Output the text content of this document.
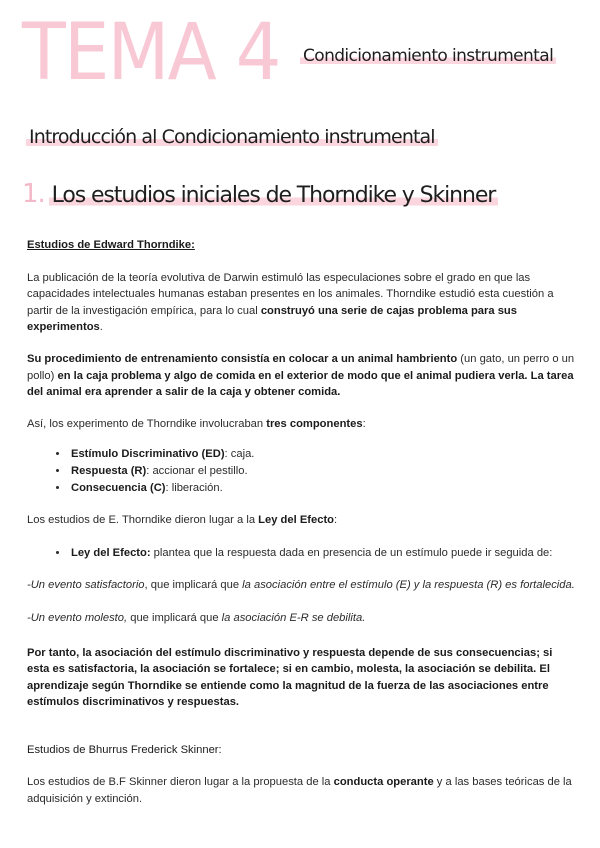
TEMA 4 Condicionamiento instrumental
Introducción al Condicionamiento instrumental
1. Los estudios iniciales de Thorndike y Skinner

Estudios de Edward Thorndike:

La publicación de la teoría evolutiva de Darwin estimuló las especulaciones sobre el grado en que las capacidades intelectuales humanas estaban presentes en los animales. Thorndike estudió esta cuestión a partir de la investigación empírica, para lo cual construyó una serie de cajas problema para sus experimentos.

Su procedimiento de entrenamiento consistía en colocar a un animal hambriento (un gato, un perro o un pollo) en la caja problema y algo de comida en el exterior de modo que el animal pudiera verla. La tarea del animal era aprender a salir de la caja y obtener comida.

Así, los experimento de Thorndike involucraban tres componentes:

• Estímulo Discriminativo (ED): caja.
• Respuesta (R): accionar el pestillo.
• Consecuencia (C): liberación.

Los estudios de E. Thorndike dieron lugar a la Ley del Efecto:

• Ley del Efecto: plantea que la respuesta dada en presencia de un estímulo puede ir seguida de:

-Un evento satisfactorio, que implicará que la asociación entre el estímulo (E) y la respuesta (R) es fortalecida.

-Un evento molesto, que implicará que la asociación E-R se debilita.

Por tanto, la asociación del estímulo discriminativo y respuesta depende de sus consecuencias; si esta es satisfactoria, la asociación se fortalece; si en cambio, molesta, la asociación se debilita. El aprendizaje según Thorndike se entiende como la magnitud de la fuerza de las asociaciones entre estímulos discriminativos y respuestas.

Estudios de Bhurrus Frederick Skinner:

Los estudios de B.F Skinner dieron lugar a la propuesta de la conducta operante y a las bases teóricas de la adquisición y extinción.
